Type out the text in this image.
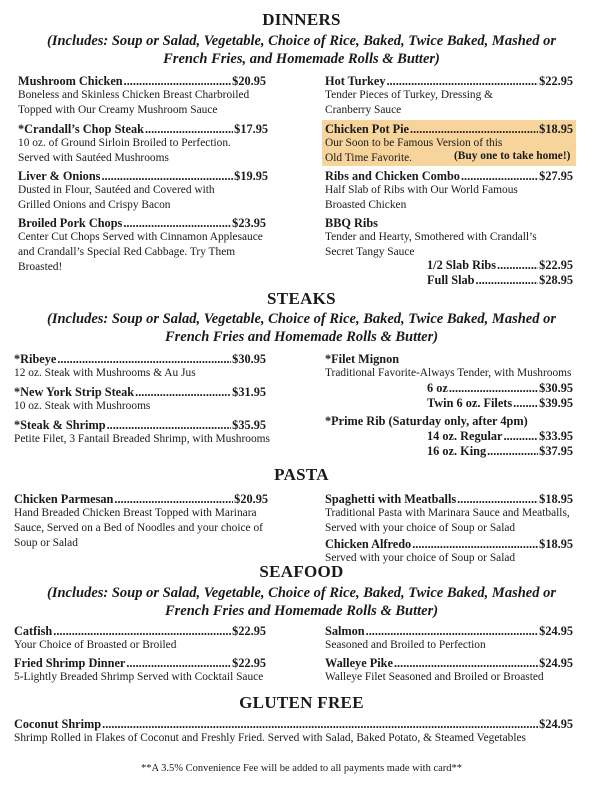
DINNERS
(Includes: Soup or Salad, Vegetable, Choice of Rice, Baked, Twice Baked, Mashed or
French Fries, and Homemade Rolls & Butter)
Mushroom Chicken .....	$20.95
Boneless and Skinless Chicken Breast Charbroiled
Topped with Our Creamy Mushroom Sauce
*Crandall’s Chop Steak .....	$17.95
10 oz. of Ground Sirloin Broiled to Perfection.
Served with Sautéed Mushrooms
Liver & Onions .....	$19.95
Dusted in Flour, Sautéed and Covered with
Grilled Onions and Crispy Bacon
Broiled Pork Chops .....	$23.95
Center Cut Chops Served with Cinnamon Applesauce
and Crandall’s Special Red Cabbage. Try Them
Broasted!
Hot Turkey .....	$22.95
Tender Pieces of Turkey, Dressing &
Cranberry Sauce
Chicken Pot Pie .....	$18.95
Our Soon to be Famous Version of this
Old Time Favorite.	(Buy one to take home!)
Ribs and Chicken Combo .....	$27.95
Half Slab of Ribs with Our World Famous
Broasted Chicken
BBQ Ribs
Tender and Hearty, Smothered with Crandall’s
Secret Tangy Sauce
1/2 Slab Ribs .....	$22.95
Full Slab .....	$28.95
STEAKS
(Includes: Soup or Salad, Vegetable, Choice of Rice, Baked, Twice Baked, Mashed or
French Fries and Homemade Rolls & Butter)
*Ribeye .....	$30.95
12 oz. Steak with Mushrooms & Au Jus
*New York Strip Steak .....	$31.95
10 oz. Steak with Mushrooms
*Steak & Shrimp .....	$35.95
Petite Filet, 3 Fantail Breaded Shrimp, with Mushrooms
*Filet Mignon
Traditional Favorite-Always Tender, with Mushrooms
6 oz .....	$30.95
Twin 6 oz. Filets ..... $39.95
*Prime Rib (Saturday only, after 4pm)
14 oz. Regular .....	$33.95
16 oz. King .....	$37.95
PASTA
Chicken Parmesan .....	$20.95
Hand Breaded Chicken Breast Topped with Marinara
Sauce, Served on a Bed of Noodles and your choice of
Soup or Salad
Spaghetti with Meatballs .....	$18.95
Traditional Pasta with Marinara Sauce and Meatballs,
Served with your choice of Soup or Salad
Chicken Alfredo .....	$18.95
Served with your choice of Soup or Salad
SEAFOOD
(Includes: Soup or Salad, Vegetable, Choice of Rice, Baked, Twice Baked, Mashed or
French Fries and Homemade Rolls & Butter)
Catfish .....	$22.95
Your Choice of Broasted or Broiled
Fried Shrimp Dinner .....	$22.95
5-Lightly Breaded Shrimp Served with Cocktail Sauce
Salmon .....	$24.95
Seasoned and Broiled to Perfection
Walleye Pike .....	$24.95
Walleye Filet Seasoned and Broiled or Broasted
GLUTEN FREE
Coconut Shrimp .....	$24.95
Shrimp Rolled in Flakes of Coconut and Freshly Fried. Served with Salad, Baked Potato, & Steamed Vegetables
**A 3.5% Convenience Fee will be added to all payments made with card**
